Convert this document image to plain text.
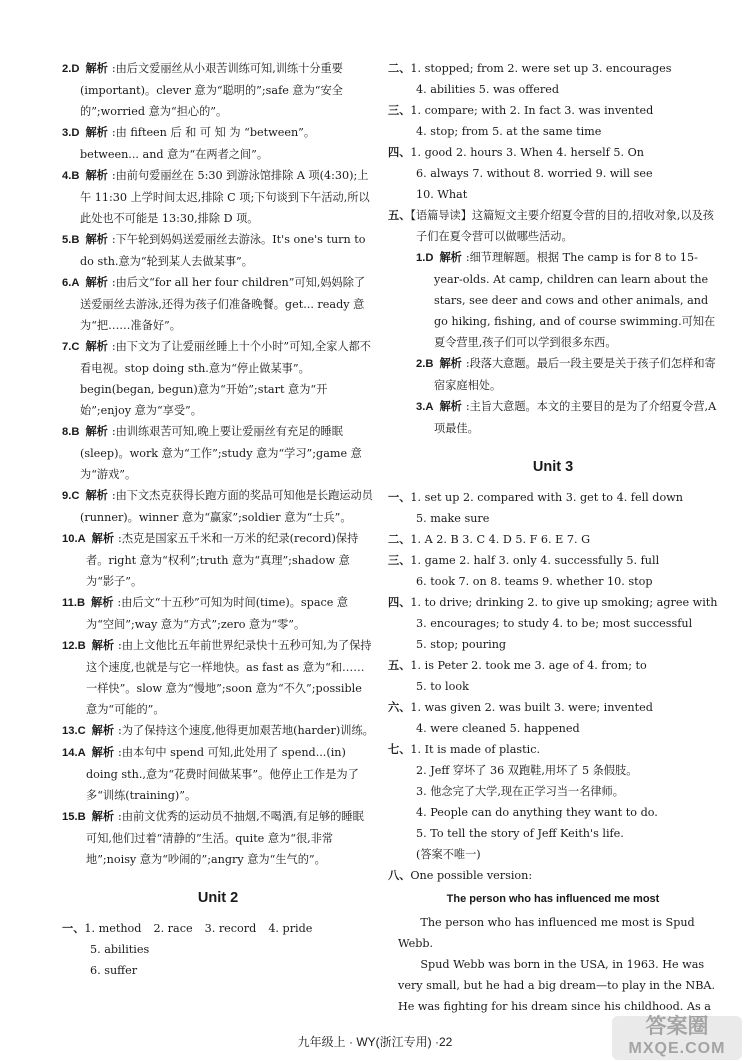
2.D 解析 :由后文爱丽丝从小艰苦训练可知,训练十分重要(important)。clever 意为“聪明的”;safe 意为“安全的”;worried 意为“担心的”。

3.D 解析 :由 fifteen 后 和 可 知 为 “between”。between... and 意为“在两者之间”。

4.B 解析 :由前句爱丽丝在 5:30 到游泳馆排除 A 项(4:30);上午 11:30 上学时间太迟,排除 C 项;下句谈到下午活动,所以此处也不可能是 13:30,排除 D 项。

5.B 解析 :下午轮到妈妈送爱丽丝去游泳。It's one's turn to do sth.意为“轮到某人去做某事”。

6.A 解析 :由后文“for all her four children”可知,妈妈除了送爱丽丝去游泳,还得为孩子们准备晚餐。get... ready 意为“把……准备好”。

7.C 解析 :由下文为了让爱丽丝睡上十个小时”可知,全家人都不看电视。stop doing sth.意为“停止做某事”。begin(began, begun)意为“开始”;start 意为“开始”;enjoy 意为“享受”。

8.B 解析 :由训练艰苦可知,晚上要让爱丽丝有充足的睡眠(sleep)。work 意为“工作”;study 意为“学习”;game 意为“游戏”。

9.C 解析 :由下文杰克获得长跑方面的奖品可知他是长跑运动员(runner)。winner 意为“赢家”;soldier 意为“士兵”。

10.A 解析 :杰克是国家五千米和一万米的纪录(record)保持者。right 意为“权利”;truth 意为“真理”;shadow 意为“影子”。

11.B 解析 :由后文“十五秒”可知为时间(time)。space 意为“空间”;way 意为“方式”;zero 意为“零”。

12.B 解析 :由上文他比五年前世界纪录快十五秒可知,为了保持这个速度,也就是与它一样地快。as fast as 意为“和……一样快”。slow 意为“慢地”;soon 意为“不久”;possible 意为“可能的”。

13.C 解析 :为了保持这个速度,他得更加艰苦地(harder)训练。

14.A 解析 :由本句中 spend 可知,此处用了 spend...(in) doing sth.,意为“花费时间做某事”。他停止工作是为了多“训练(training)”。

15.B 解析 :由前文优秀的运动员不抽烟,不喝酒,有足够的睡眠可知,他们过着“清静的”生活。quite 意为“很,非常地”;noisy 意为“吵闹的”;angry 意为“生气的”。

Unit 2

一、1. method 2. race 3. record 4. pride5. abilities

6. suffer

二、1. stopped; from 2. were set up 3. encourages

4. abilities 5. was offered

三、1. compare; with 2. In fact 3. was invented

4. stop; from 5. at the same time

四、1. good 2. hours 3. When 4. herself 5. On

6. always 7. without 8. worried 9. will see

10. What

五、【语篇导读】这篇短文主要介绍夏令营的目的,招收对象,以及孩子们在夏令营可以做哪些活动。

1.D 解析 :细节理解题。根据 The camp is for 8 to 15-year-olds. At camp, children can learn about the stars, see deer and cows and other animals, and go hiking, fishing, and of course swimming.可知在夏令营里,孩子们可以学到很多东西。

2.B 解析 :段落大意题。最后一段主要是关于孩子们怎样和寄宿家庭相处。

3.A 解析 :主旨大意题。本文的主要目的是为了介绍夏令营,A 项最佳。

Unit 3

一、1. set up 2. compared with 3. get to 4. fell down

5. make sure

二、1. A 2. B 3. C 4. D 5. F 6. E 7. G

三、1. game 2. half 3. only 4. successfully 5. full

6. took 7. on 8. teams 9. whether 10. stop

四、1. to drive; drinking 2. to give up smoking; agree with

3. encourages; to study 4. to be; most successful

5. stop; pouring

五、1. is Peter 2. took me 3. age of 4. from; to

5. to look

六、1. was given 2. was built 3. were; invented

4. were cleaned 5. happened

七、1. It is made of plastic.

2. Jeff 穿坏了 36 双跑鞋,用坏了 5 条假肢。

3. 他念完了大学,现在正学习当一名律师。

4. People can do anything they want to do.

5. To tell the story of Jeff Keith's life.

(答案不唯一)

八、One possible version:

The person who has influenced me most

The person who has influenced me most is Spud Webb.

Spud Webb was born in the USA, in 1963. He was very small, but he had a big dream—to play in the NBA. He was fighting for his dream since his childhood. As a

九年级上 · WY(浙江专用) ·22
答案圈
MXQE.COM
